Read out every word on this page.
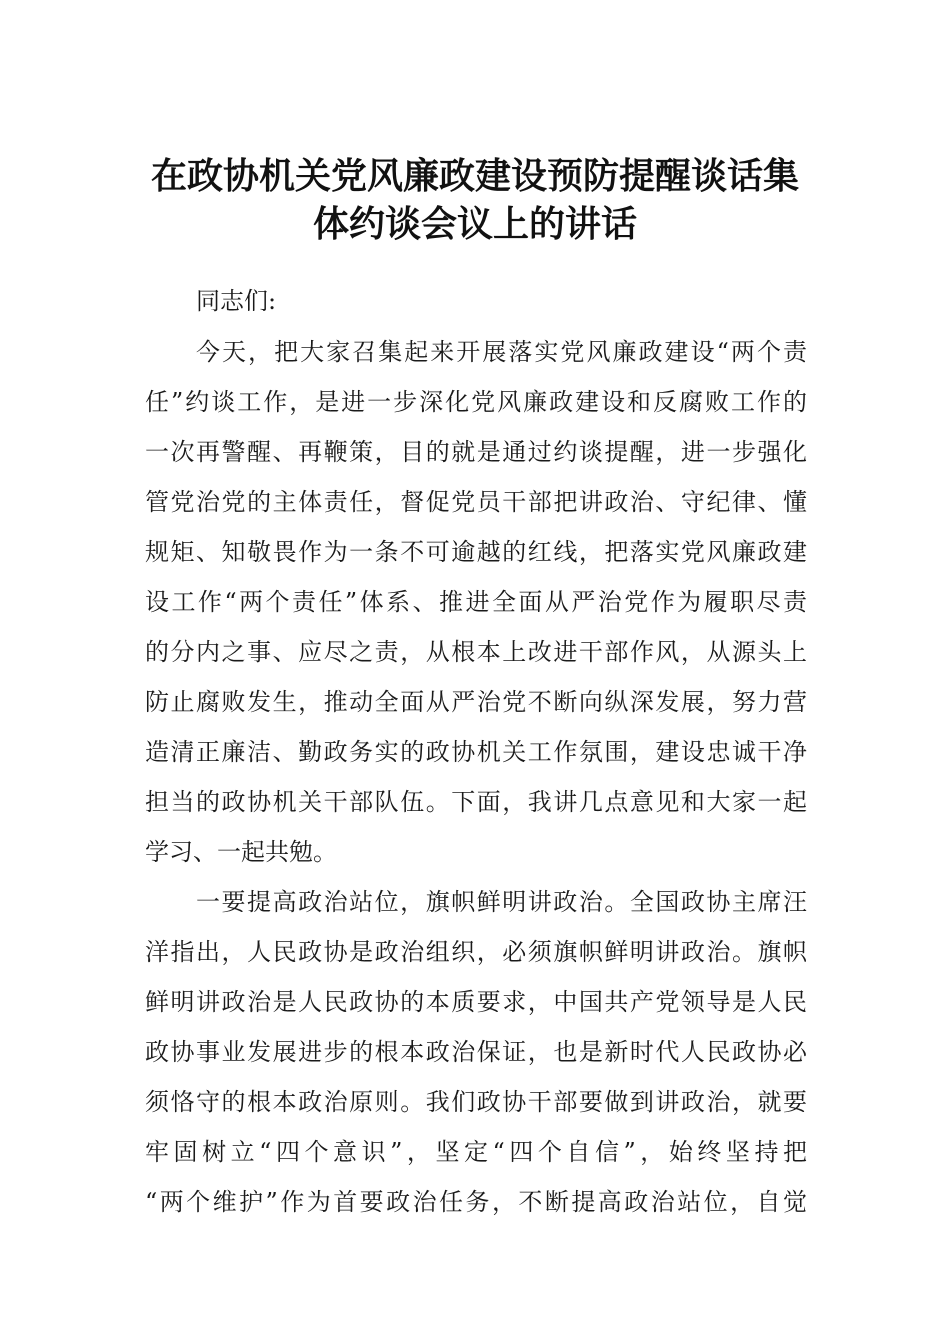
在政协机关党风廉政建设预防提醒谈话集
体约谈会议上的讲话
同志们:
今天，把大家召集起来开展落实党风廉政建设“两个责
任”约谈工作，是进一步深化党风廉政建设和反腐败工作的
一次再警醒、再鞭策，目的就是通过约谈提醒，进一步强化
管党治党的主体责任，督促党员干部把讲政治、守纪律、懂
规矩、知敬畏作为一条不可逾越的红线，把落实党风廉政建
设工作“两个责任”体系、推进全面从严治党作为履职尽责
的分内之事、应尽之责，从根本上改进干部作风，从源头上
防止腐败发生，推动全面从严治党不断向纵深发展，努力营
造清正廉洁、勤政务实的政协机关工作氛围，建设忠诚干净
担当的政协机关干部队伍。下面，我讲几点意见和大家一起
学习、一起共勉。
一要提高政治站位，旗帜鲜明讲政治。全国政协主席汪
洋指出，人民政协是政治组织，必须旗帜鲜明讲政治。旗帜
鲜明讲政治是人民政协的本质要求，中国共产党领导是人民
政协事业发展进步的根本政治保证，也是新时代人民政协必
须恪守的根本政治原则。我们政协干部要做到讲政治，就要
牢固树立“四个意识”，坚定“四个自信”，始终坚持把
“两个维护”作为首要政治任务，不断提高政治站位，自觉
